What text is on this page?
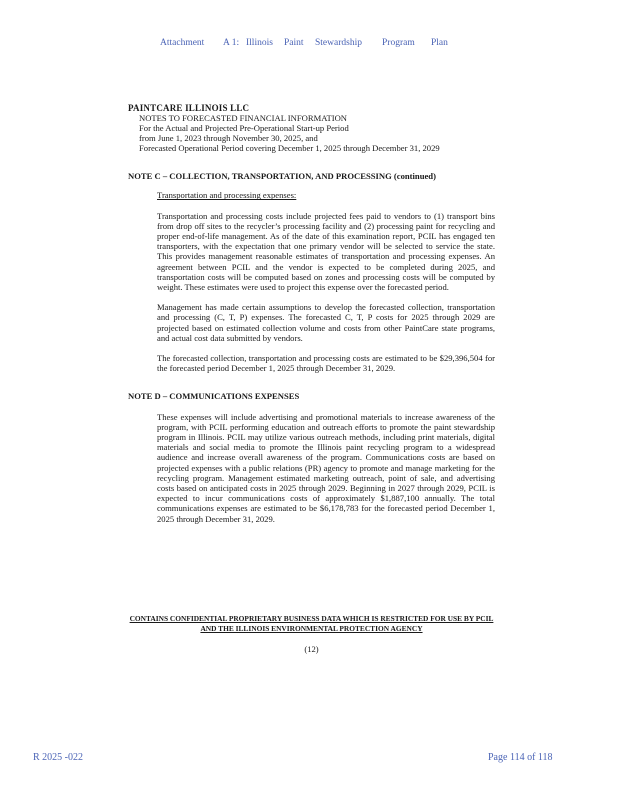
Attachment A 1: Illinois Paint Stewardship Program Plan

PAINTCARE ILLINOIS LLC

NOTES TO FORECASTED FINANCIAL INFORMATION

For the Actual and Projected Pre-Operational Start-up Period

from June 1, 2023 through November 30, 2025, and

Forecasted Operational Period covering December 1, 2025 through December 31, 2029

NOTE C – COLLECTION, TRANSPORTATION, AND PROCESSING (continued)

Transportation and processing expenses:

Transportation and processing costs include projected fees paid to vendors to (1) transport bins from drop off sites to the recycler’s processing facility and (2) processing paint for recycling and proper end-of-life management. As of the date of this examination report, PCIL has engaged ten transporters, with the expectation that one primary vendor will be selected to service the state. This provides management reasonable estimates of transportation and processing expenses. An agreement between PCIL and the vendor is expected to be completed during 2025, and transportation costs will be computed based on zones and processing costs will be computed by weight. These estimates were used to project this expense over the forecasted period.

Management has made certain assumptions to develop the forecasted collection, transportation and processing (C, T, P) expenses. The forecasted C, T, P costs for 2025 through 2029 are projected based on estimated collection volume and costs from other PaintCare state programs, and actual cost data submitted by vendors.

The forecasted collection, transportation and processing costs are estimated to be $29,396,504 for the forecasted period December 1, 2025 through December 31, 2029.

NOTE D – COMMUNICATIONS EXPENSES

These expenses will include advertising and promotional materials to increase awareness of the program, with PCIL performing education and outreach efforts to promote the paint stewardship program in Illinois. PCIL may utilize various outreach methods, including print materials, digital materials and social media to promote the Illinois paint recycling program to a widespread audience and increase overall awareness of the program. Communications costs are based on projected expenses with a public relations (PR) agency to promote and manage marketing for the recycling program. Management estimated marketing outreach, point of sale, and advertising costs based on anticipated costs in 2025 through 2029. Beginning in 2027 through 2029, PCIL is expected to incur communications costs of approximately $1,887,100 annually. The total communications expenses are estimated to be $6,178,783 for the forecasted period December 1, 2025 through December 31, 2029.

CONTAINS CONFIDENTIAL PROPRIETARY BUSINESS DATA WHICH IS RESTRICTED FOR USE BY PCIL
AND THE ILLINOIS ENVIRONMENTAL PROTECTION AGENCY
(12)
R 2025 -022	Page 114 of 118
